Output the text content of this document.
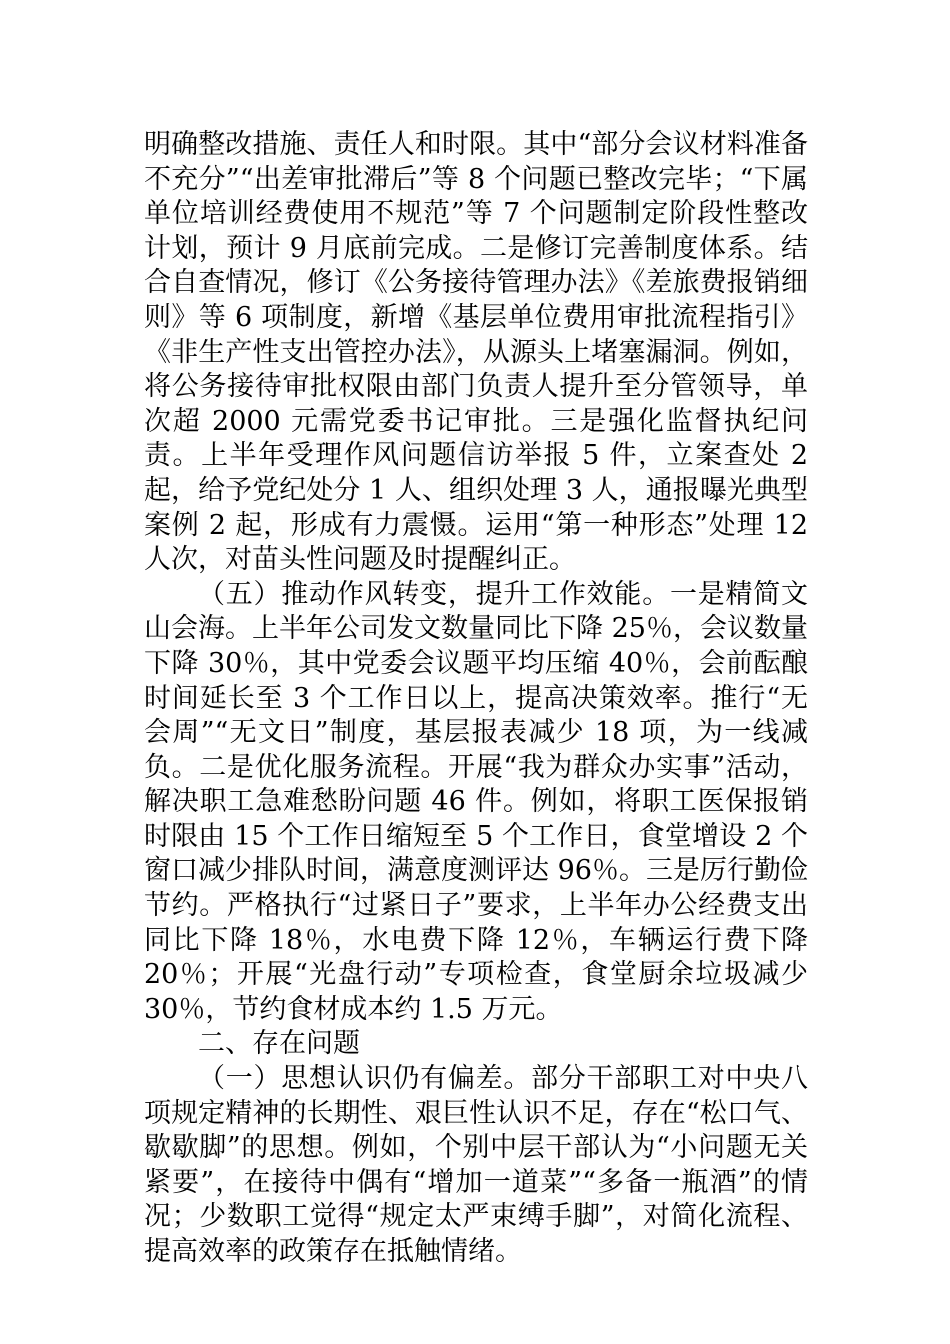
明确整改措施、责任人和时限。其中“部分会议材料准备不充分”“出差审批滞后”等 8 个问题已整改完毕；“下属单位培训经费使用不规范”等 7 个问题制定阶段性整改计划，预计 9 月底前完成。二是修订完善制度体系。结合自查情况，修订《公务接待管理办法》《差旅费报销细则》等 6 项制度，新增《基层单位费用审批流程指引》《非生产性支出管控办法》，从源头上堵塞漏洞。例如，将公务接待审批权限由部门负责人提升至分管领导，单次超 2000 元需党委书记审批。三是强化监督执纪问责。上半年受理作风问题信访举报 5 件，立案查处 2 起，给予党纪处分 1 人、组织处理 3 人，通报曝光典型案例 2 起，形成有力震慑。运用“第一种形态”处理 12 人次，对苗头性问题及时提醒纠正。

（五）推动作风转变，提升工作效能。一是精简文山会海。上半年公司发文数量同比下降 25％，会议数量下降 30％，其中党委会议题平均压缩 40％，会前酝酿时间延长至 3 个工作日以上，提高决策效率。推行“无会周”“无文日”制度，基层报表减少 18 项，为一线减负。二是优化服务流程。开展“我为群众办实事”活动，解决职工急难愁盼问题 46 件。例如，将职工医保报销时限由 15 个工作日缩短至 5 个工作日，食堂增设 2 个窗口减少排队时间，满意度测评达 96％。三是厉行勤俭节约。严格执行“过紧日子”要求，上半年办公经费支出同比下降 18％，水电费下降 12％，车辆运行费下降 20％；开展“光盘行动”专项检查，食堂厨余垃圾减少 30％，节约食材成本约 1.5 万元。

二、存在问题

（一）思想认识仍有偏差。部分干部职工对中央八项规定精神的长期性、艰巨性认识不足，存在“松口气、歇歇脚”的思想。例如，个别中层干部认为“小问题无关紧要”，在接待中偶有“增加一道菜”“多备一瓶酒”的情况；少数职工觉得“规定太严束缚手脚”，对简化流程、提高效率的政策存在抵触情绪。
